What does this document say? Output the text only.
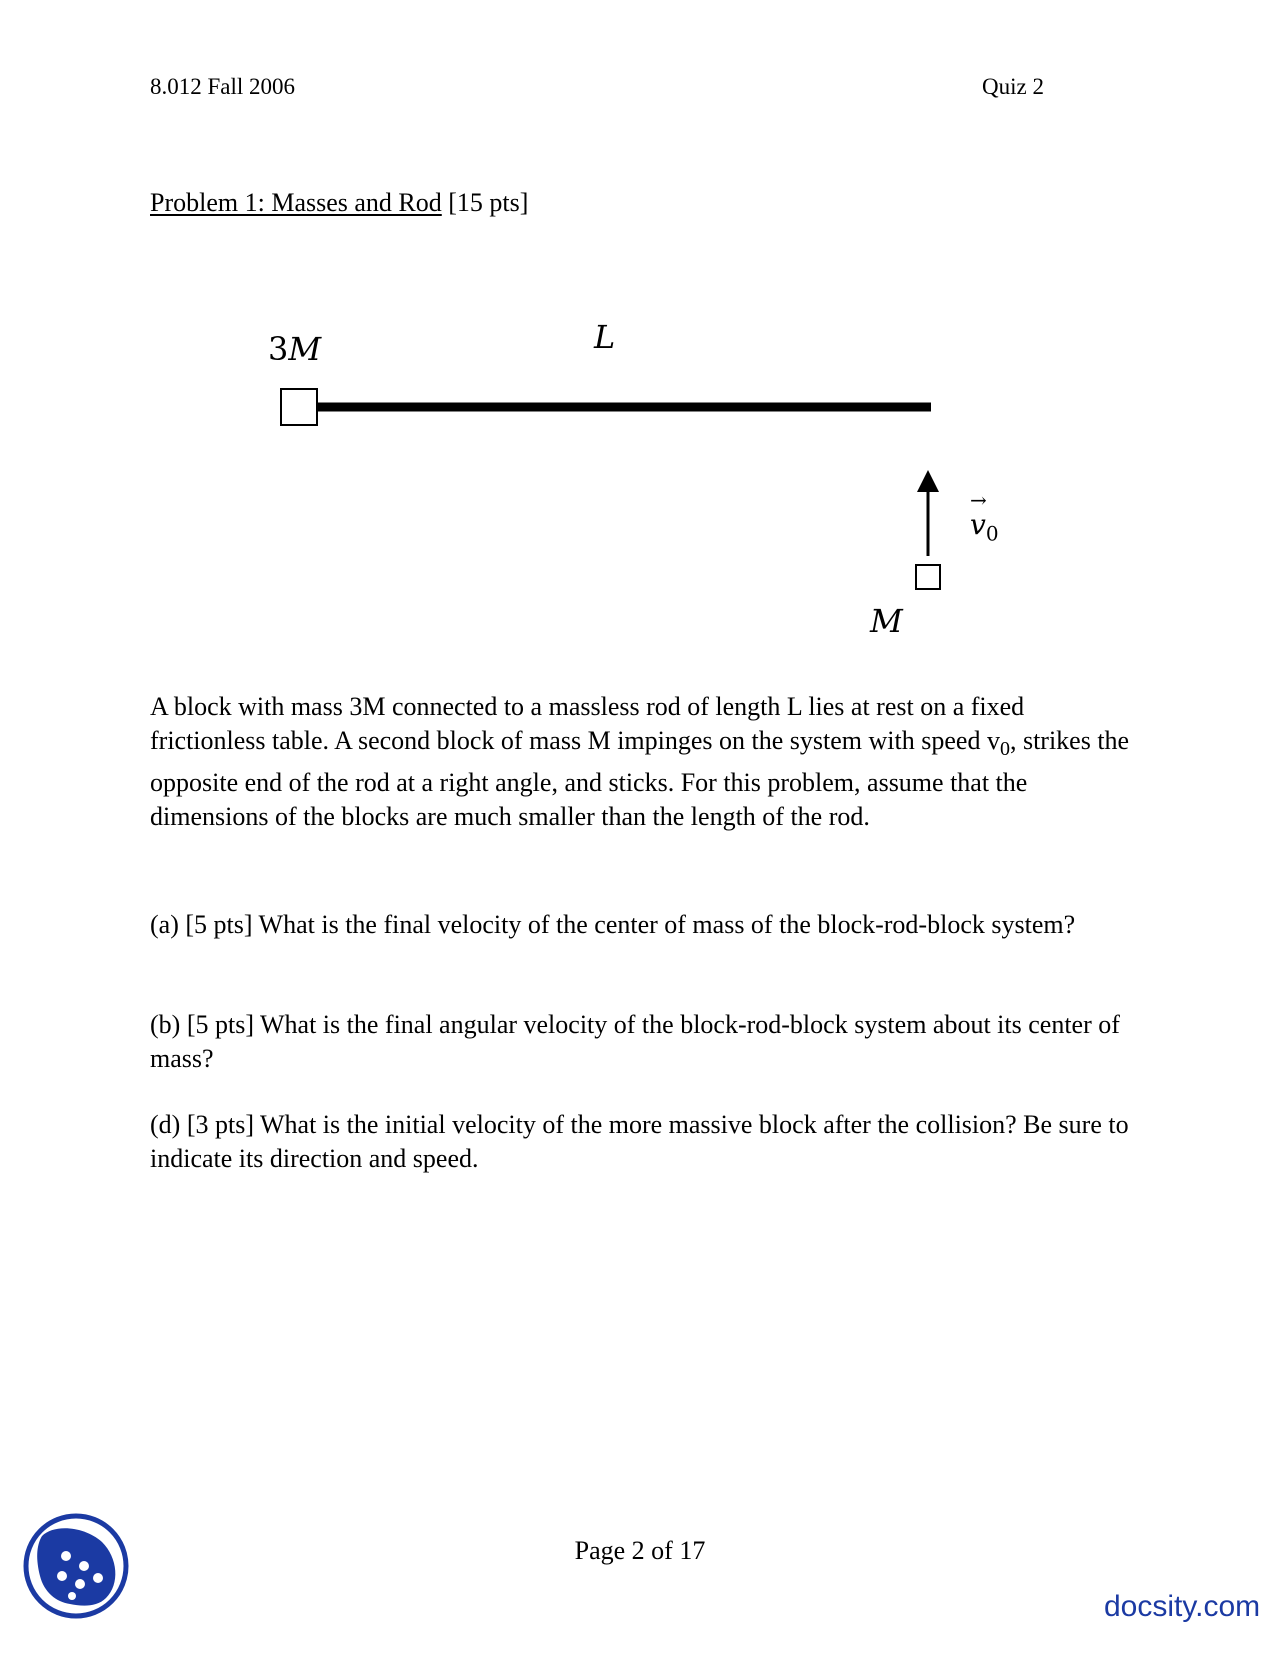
8.012 Fall 2006	Quiz 2
Problem 1: Masses and Rod [15 pts]
3M	L
M
→ $v_0$

A block with mass 3M connected to a massless rod of length L lies at rest on a fixed frictionless table. A second block of mass M impinges on the system with speed $v_0$, strikes the opposite end of the rod at a right angle, and sticks. For this problem, assume that the dimensions of the blocks are much smaller than the length of the rod.

(a) [5 pts] What is the final velocity of the center of mass of the block-rod-block system?
(b) [5 pts] What is the final angular velocity of the block-rod-block system about its center of mass?
(d) [3 pts] What is the initial velocity of the more massive block after the collision? Be sure to indicate its direction and speed.
Page 2 of 17
docsity.com
